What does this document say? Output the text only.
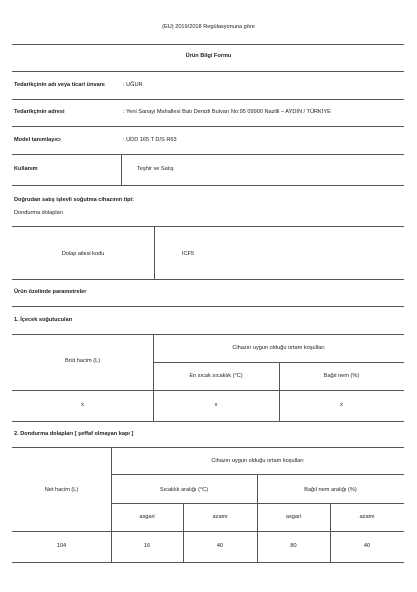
(EU) 2019/2018 Regülasyonuna göre
Ürün Bilgi Formu
Tedarikçinin adı veya ticari ünvanı	: UĞUR
Tedarikçinin adresi	: Yeni Sanayi Mahallesi Batı Denizli Bulvarı No:95 09900 Nazilli – AYDIN / TÜRKİYE
Model tanımlayıcı	: UDD 165 T D/S R63
Kullanım	Teşhir ve Satış
Doğrudan satış işlevli soğutma cihazının tipi:
Dondurma dolapları
Dolap ailesi kodu	ICF5
Ürün özelinde parametreler
1. İçecek soğutucuları
Brüt hacim (L)
Cihazın uygun olduğu ortam koşulları
En sıcak sıcaklık (°C)	Bağıl nem (%)
x	x	x
2. Dondurma dolapları [ şeffaf olmayan kapı ]
Net hacim (L)
Cihazın uygun olduğu ortam koşulları
Sıcaklık aralığı (°C)	Bağıl nem aralığı (%)
asgari	azami	asgari	azami
104	16	40	80	40
